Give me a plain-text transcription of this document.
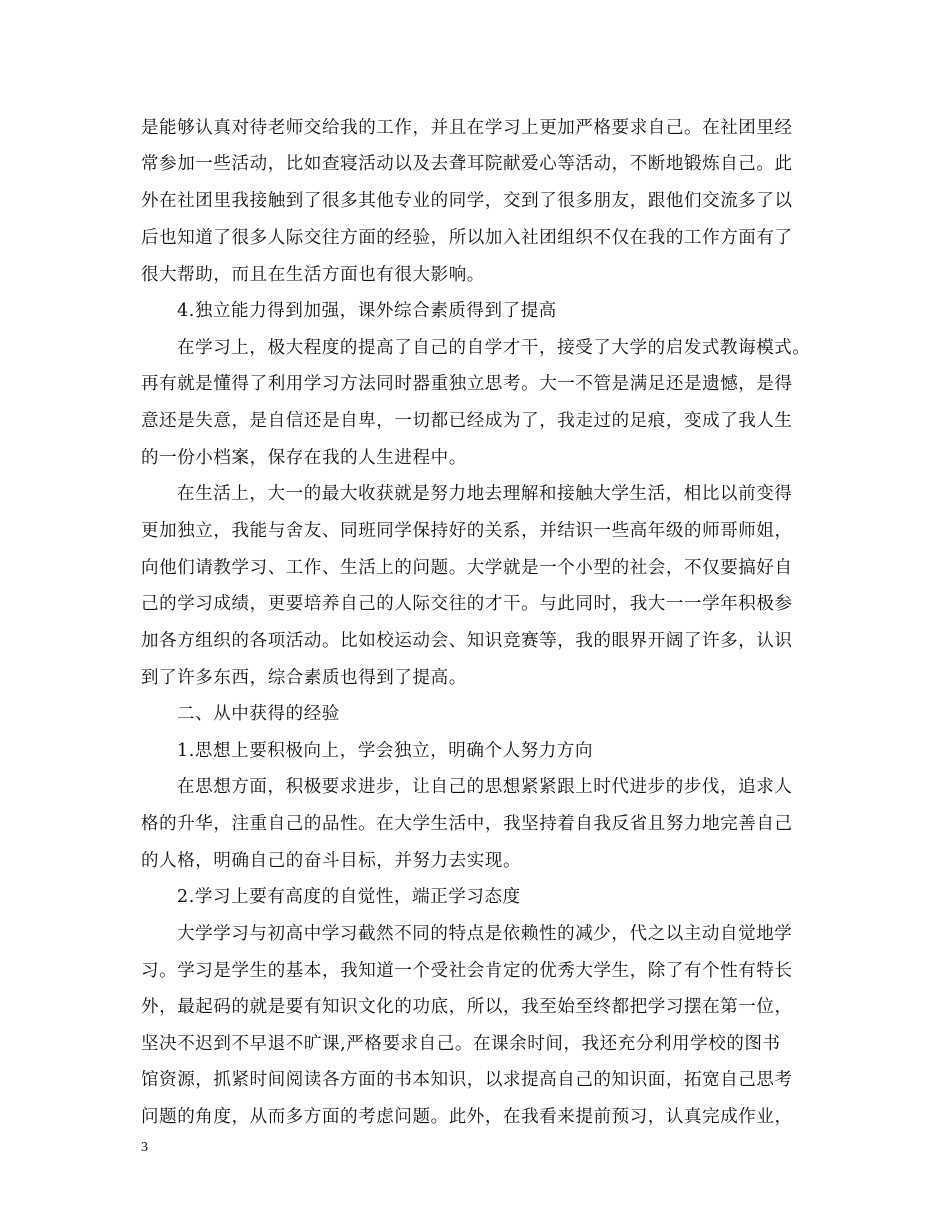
是能够认真对待老师交给我的工作，并且在学习上更加严格要求自己。在社团里经
常参加一些活动，比如查寝活动以及去聋耳院献爱心等活动，不断地锻炼自己。此
外在社团里我接触到了很多其他专业的同学，交到了很多朋友，跟他们交流多了以
后也知道了很多人际交往方面的经验，所以加入社团组织不仅在我的工作方面有了
很大帮助，而且在生活方面也有很大影响。
4.独立能力得到加强，课外综合素质得到了提高
在学习上，极大程度的提高了自己的自学才干，接受了大学的启发式教诲模式。
再有就是懂得了利用学习方法同时器重独立思考。大一不管是满足还是遗憾，是得
意还是失意，是自信还是自卑，一切都已经成为了，我走过的足痕，变成了我人生
的一份小档案，保存在我的人生进程中。
在生活上，大一的最大收获就是努力地去理解和接触大学生活，相比以前变得
更加独立，我能与舍友、同班同学保持好的关系，并结识一些高年级的师哥师姐，
向他们请教学习、工作、生活上的问题。大学就是一个小型的社会，不仅要搞好自
己的学习成绩，更要培养自己的人际交往的才干。与此同时，我大一一学年积极参
加各方组织的各项活动。比如校运动会、知识竞赛等，我的眼界开阔了许多，认识
到了许多东西，综合素质也得到了提高。
二、从中获得的经验
1.思想上要积极向上，学会独立，明确个人努力方向
在思想方面，积极要求进步，让自己的思想紧紧跟上时代进步的步伐，追求人
格的升华，注重自己的品性。在大学生活中，我坚持着自我反省且努力地完善自己
的人格，明确自己的奋斗目标，并努力去实现。
2.学习上要有高度的自觉性，端正学习态度
大学学习与初高中学习截然不同的特点是依赖性的减少，代之以主动自觉地学
习。学习是学生的基本，我知道一个受社会肯定的优秀大学生，除了有个性有特长
外，最起码的就是要有知识文化的功底，所以，我至始至终都把学习摆在第一位，
坚决不迟到不早退不旷课,严格要求自己。在课余时间，我还充分利用学校的图书
馆资源，抓紧时间阅读各方面的书本知识，以求提高自己的知识面，拓宽自己思考
问题的角度，从而多方面的考虑问题。此外，在我看来提前预习，认真完成作业，
3
